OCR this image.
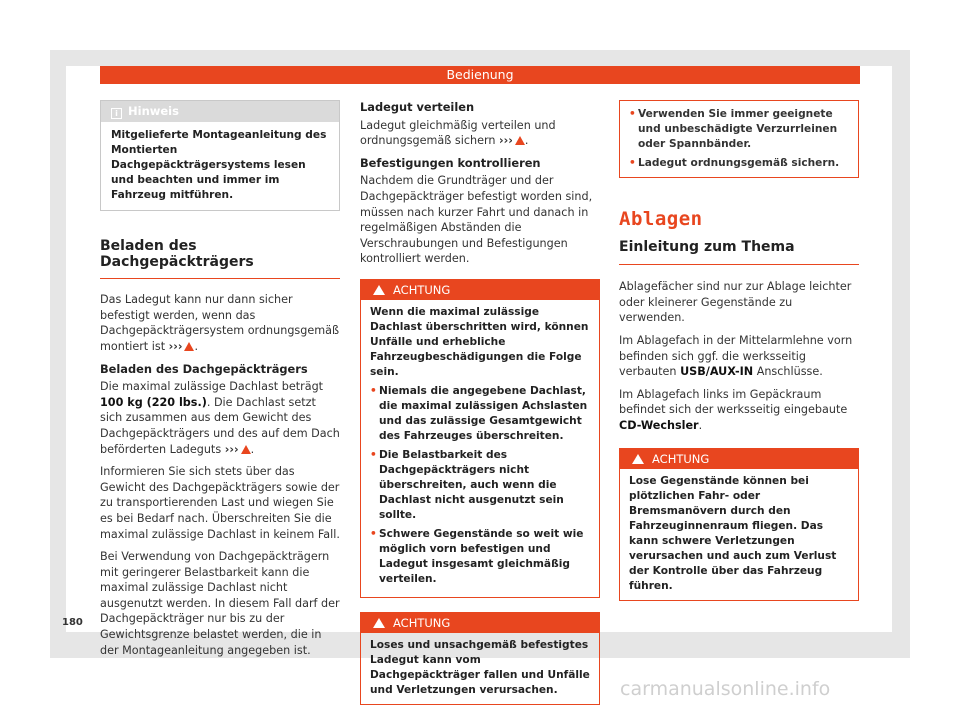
Bedienung
i Hinweis
Mitgelieferte Montageanleitung des Montierten Dachgepäckträgersystems lesen und beachten und immer im Fahrzeug mitführen.
Beladen des Dachgepäckträgers

Das Ladegut kann nur dann sicher befestigt werden, wenn das Dachgepäckträgersystem ordnungsgemäß montiert ist ››› .

Beladen des Dachgepäckträgers

Die maximal zulässige Dachlast beträgt 100 kg (220 lbs.). Die Dachlast setzt sich zusammen aus dem Gewicht des Dachgepäckträgers und des auf dem Dach beförderten Ladeguts ››› .

Informieren Sie sich stets über das Gewicht des Dachgepäckträgers sowie der zu transportierenden Last und wiegen Sie es bei Bedarf nach. Überschreiten Sie die maximal zulässige Dachlast in keinem Fall.

Bei Verwendung von Dachgepäckträgern mit geringerer Belastbarkeit kann die maximal zulässige Dachlast nicht ausgenutzt werden. In diesem Fall darf der Dachgepäckträger nur bis zu der Gewichtsgrenze belastet werden, die in der Montageanleitung angegeben ist.

Ladegut verteilen

Ladegut gleichmäßig verteilen und ordnungsgemäß sichern ››› .

Befestigungen kontrollieren

Nachdem die Grundträger und der Dachgepäckträger befestigt worden sind, müssen nach kurzer Fahrt und danach in regelmäßigen Abständen die Verschraubungen und Befestigungen kontrolliert werden.

ACHTUNG

Wenn die maximal zulässige Dachlast überschritten wird, können Unfälle und erhebliche Fahrzeugbeschädigungen die Folge sein.

• Niemals die angegebene Dachlast, die maximal zulässigen Achslasten und das zulässige Gesamtgewicht des Fahrzeuges überschreiten.
• Die Belastbarkeit des Dachgepäckträgers nicht überschreiten, auch wenn die Dachlast nicht ausgenutzt sein sollte.
• Schwere Gegenstände so weit wie möglich vorn befestigen und Ladegut insgesamt gleichmäßig verteilen.
ACHTUNG
Loses und unsachgemäß befestigtes Ladegut kann vom Dachgepäckträger fallen und Unfälle und Verletzungen verursachen.
• Verwenden Sie immer geeignete und unbeschädigte Verzurrleinen oder Spannbänder.
• Ladegut ordnungsgemäß sichern.
Ablagen
Einleitung zum Thema

Ablagefächer sind nur zur Ablage leichter oder kleinerer Gegenstände zu verwenden.

Im Ablagefach in der Mittelarmlehne vorn befinden sich ggf. die werksseitig verbauten USB/AUX-IN Anschlüsse.

Im Ablagefach links im Gepäckraum befindet sich der werksseitig eingebaute CD-Wechsler.

ACHTUNG
Lose Gegenstände können bei plötzlichen Fahr- oder Bremsmanövern durch den Fahrzeuginnenraum fliegen. Das kann schwere Verletzungen verursachen und auch zum Verlust der Kontrolle über das Fahrzeug führen.
180
carmanualsonline.info
